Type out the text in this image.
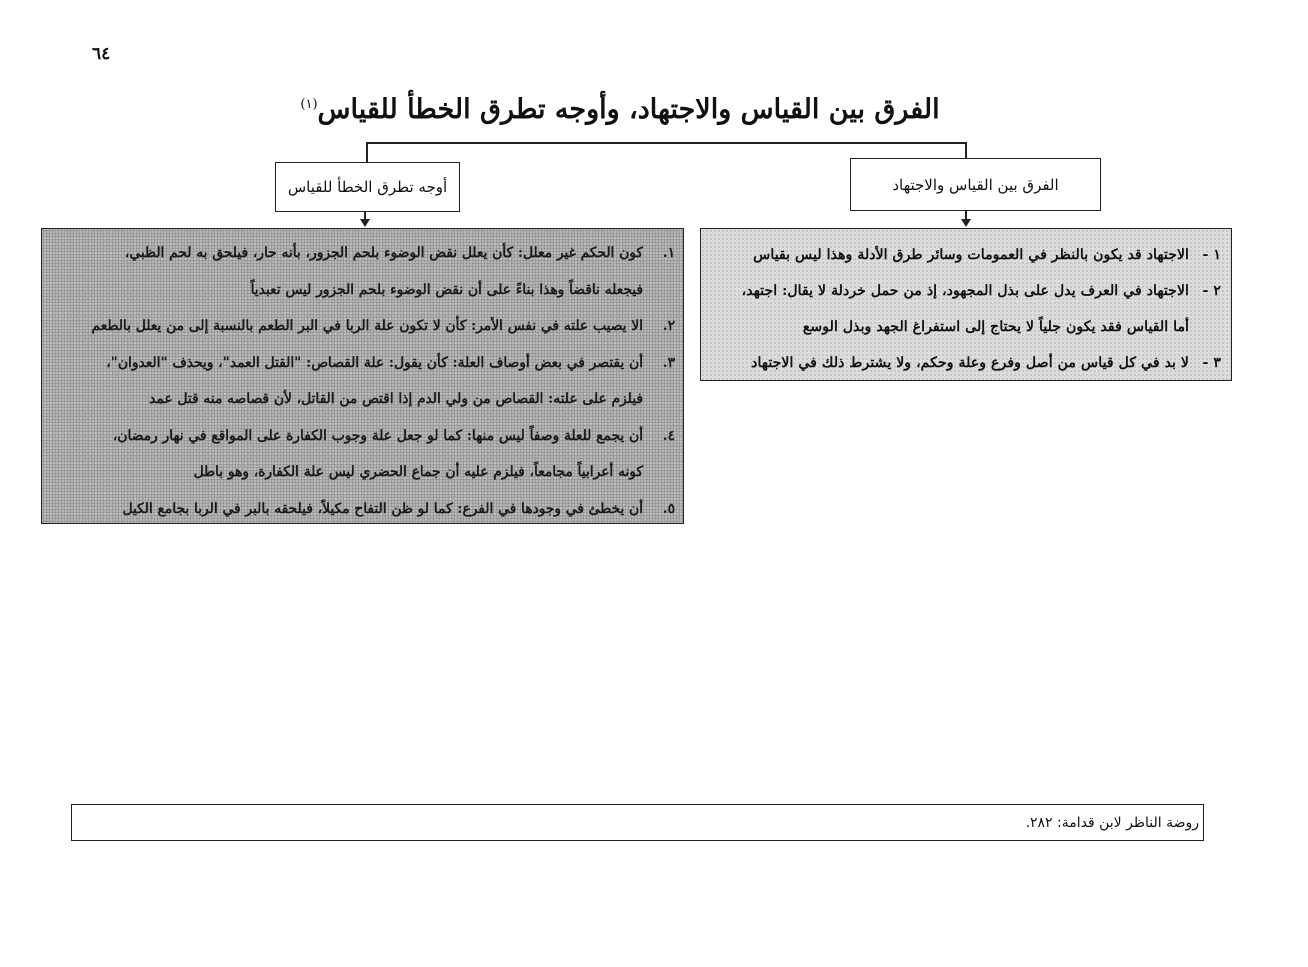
٦٤
الفرق بين القياس والاجتهاد، وأوجه تطرق الخطأ للقياس$^{(١)}$
الفرق بين القياس والاجتهاد
أوجه تطرق الخطأ للقياس
١ -
الاجتهاد قد يكون بالنظر في العمومات وسائر طرق الأدلة وهذا ليس بقياس
٢ -
الاجتهاد في العرف يدل على بذل المجهود، إذ من حمل خردلة لا يقال: اجتهد،
أما القياس فقد يكون جلياً لا يحتاج إلى استفراغ الجهد وبذل الوسع
٣ -
لا بد في كل قياس من أصل وفرع وعلة وحكم، ولا يشترط ذلك في الاجتهاد
١.
كون الحكم غير معلل: كأن يعلل نقض الوضوء بلحم الجزور، بأنه حار، فيلحق به لحم الظبي،
فيجعله ناقضاً وهذا بناءً على أن نقض الوضوء بلحم الجزور ليس تعبدياً
٢.
الا يصيب علته في نفس الأمر: كأن لا تكون علة الربا في البر الطعم بالنسبة إلى من يعلل بالطعم
٣.
أن يقتصر في بعض أوصاف العلة: كأن يقول: علة القصاص: "القتل العمد"، ويحذف "العدوان"،
فيلزم على علته: القصاص من ولي الدم إذا اقتص من القاتل، لأن قصاصه منه قتل عمد
٤.
أن يجمع للعلة وصفاً ليس منها: كما لو جعل علة وجوب الكفارة على المواقع في نهار رمضان،
كونه أعرابياً مجامعاً، فيلزم عليه أن جماع الحضري ليس علة الكفارة، وهو باطل
٥.
أن يخطئ في وجودها في الفرع: كما لو ظن التفاح مكيلاً، فيلحقه بالبر في الربا بجامع الكيل
روضة الناظر لابن قدامة: ٢٨٢.
